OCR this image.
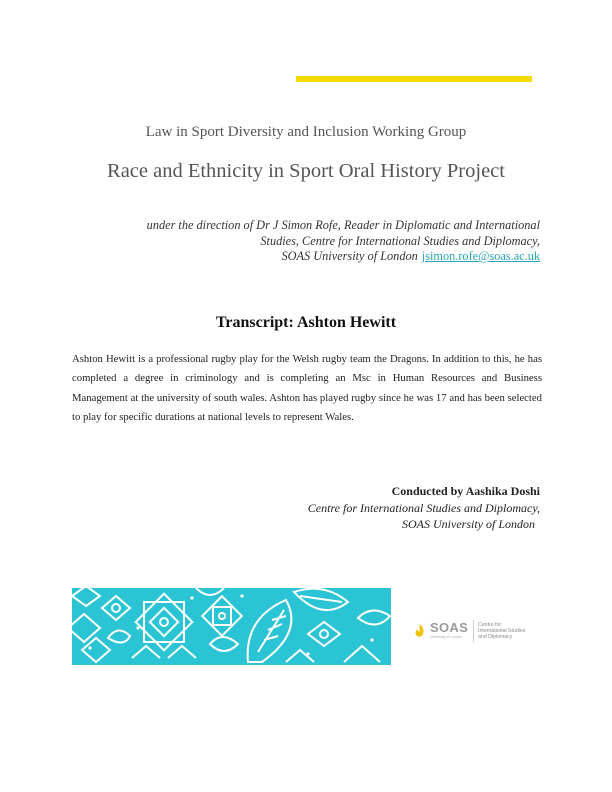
Law in Sport Diversity and Inclusion Working Group
Race and Ethnicity in Sport Oral History Project
under the direction of Dr J Simon Rofe, Reader in Diplomatic and International
Studies, Centre for International Studies and Diplomacy,
SOAS University of London jsimon.rofe@soas.ac.uk
Transcript: Ashton Hewitt
Ashton Hewitt is a professional rugby play for the Welsh rugby team the Dragons. In addition to this, he has completed a degree in criminology and is completing an Msc in Human Resources and Business Management at the university of south wales. Ashton has played rugby since he was 17 and has been selected to play for specific durations at national levels to represent Wales.
Conducted by Aashika Doshi
Centre for International Studies and Diplomacy,
SOAS University of London
SOAS
University of London
Centre for
International Studies
and Diplomacy
